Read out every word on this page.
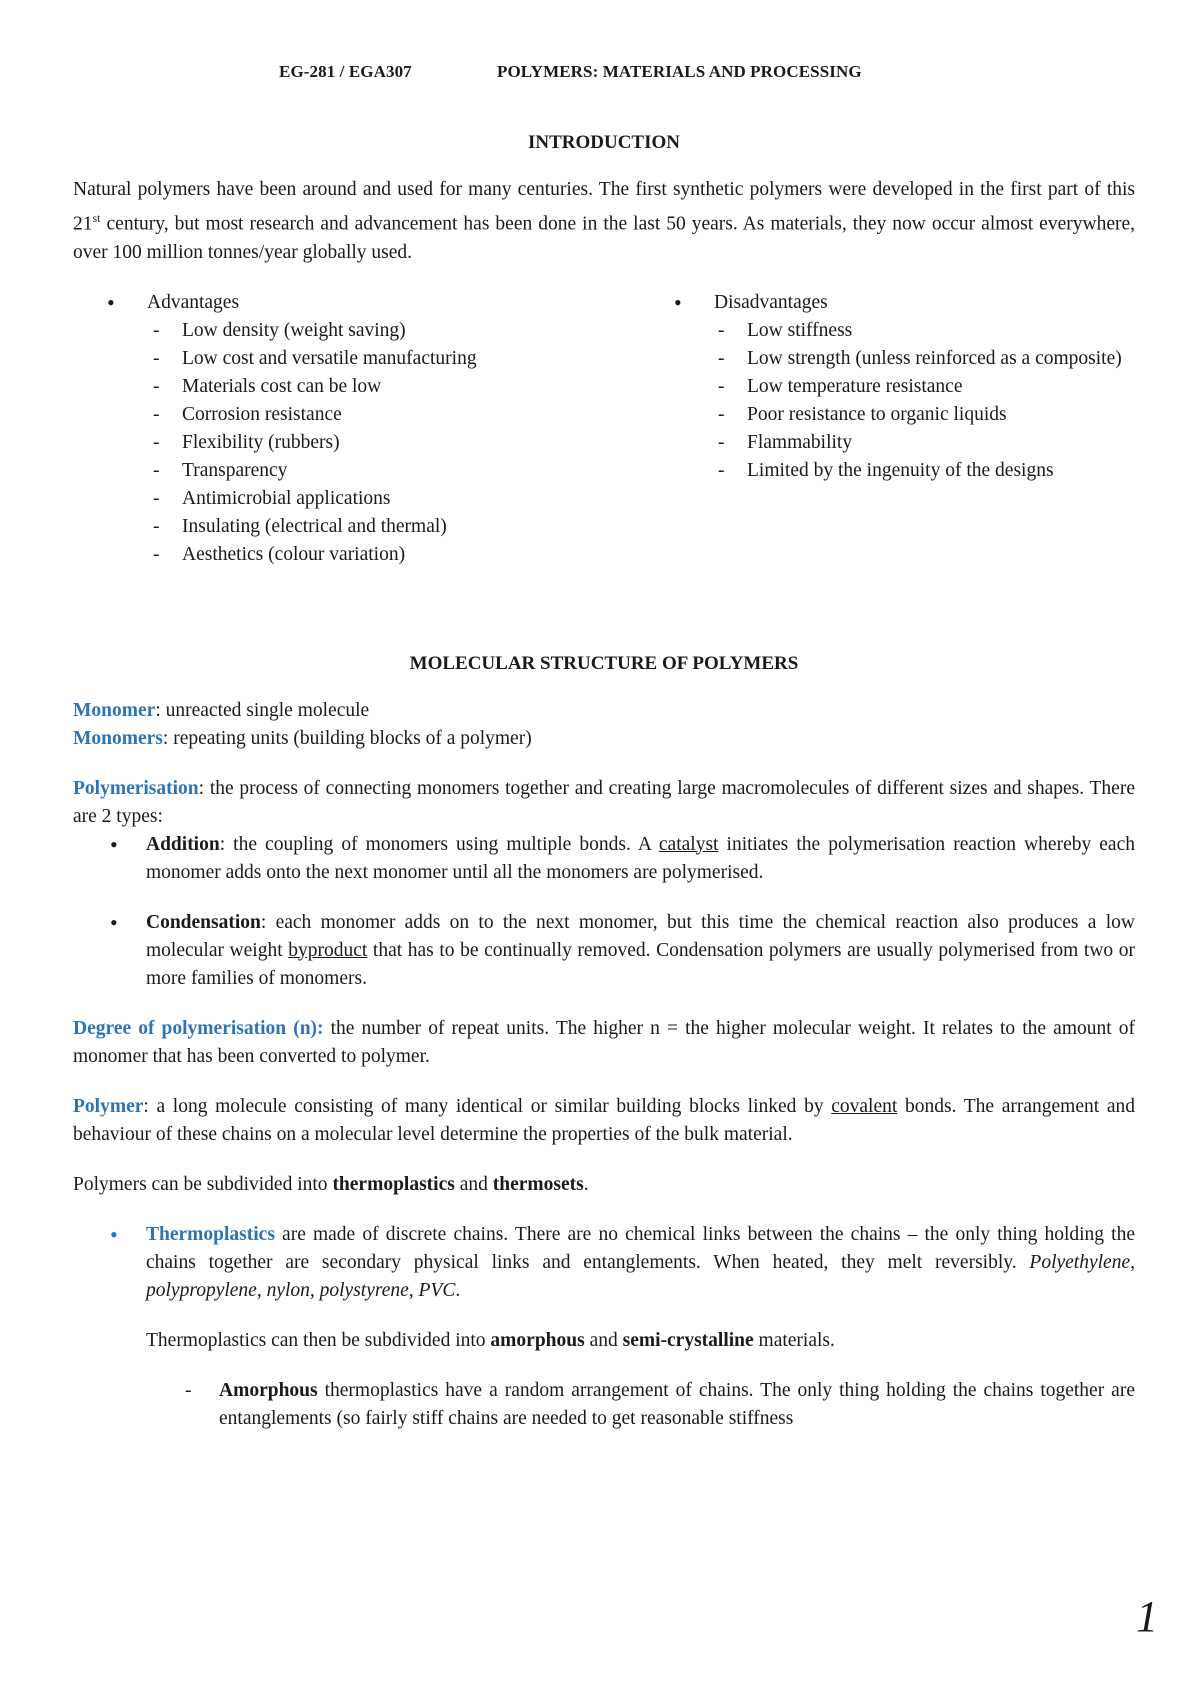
EG-281 / EGA307	POLYMERS: MATERIALS AND PROCESSING
INTRODUCTION

Natural polymers have been around and used for many centuries. The first synthetic polymers were developed in the first part of this 21st century, but most research and advancement has been done in the last 50 years. As materials, they now occur almost everywhere, over 100 million tonnes/year globally used.

• Advantages
- Low density (weight saving)
- Low cost and versatile manufacturing
- Materials cost can be low
- Corrosion resistance
- Flexibility (rubbers)
- Transparency
- Antimicrobial applications
- Insulating (electrical and thermal)
- Aesthetics (colour variation)
• Disadvantages
- Low stiffness
- Low strength (unless reinforced as a composite)
- Low temperature resistance
- Poor resistance to organic liquids
- Flammability
- Limited by the ingenuity of the designs
MOLECULAR STRUCTURE OF POLYMERS

Monomer: unreacted single molecule

Monomers: repeating units (building blocks of a polymer)

Polymerisation: the process of connecting monomers together and creating large macromolecules of different sizes and shapes. There are 2 types:

• Addition: the coupling of monomers using multiple bonds. A catalyst initiates the polymerisation reaction whereby each monomer adds onto the next monomer until all the monomers are polymerised.
• Condensation: each monomer adds on to the next monomer, but this time the chemical reaction also produces a low molecular weight byproduct that has to be continually removed. Condensation polymers are usually polymerised from two or more families of monomers.

Degree of polymerisation (n): the number of repeat units. The higher n = the higher molecular weight. It relates to the amount of monomer that has been converted to polymer.

Polymer: a long molecule consisting of many identical or similar building blocks linked by covalent bonds. The arrangement and behaviour of these chains on a molecular level determine the properties of the bulk material.

Polymers can be subdivided into thermoplastics and thermosets.

• Thermoplastics are made of discrete chains. There are no chemical links between the chains – the only thing holding the chains together are secondary physical links and entanglements. When heated, they melt reversibly. Polyethylene, polypropylene, nylon, polystyrene, PVC.
Thermoplastics can then be subdivided into amorphous and semi-crystalline materials.
- Amorphous thermoplastics have a random arrangement of chains. The only thing holding the chains together are entanglements (so fairly stiff chains are needed to get reasonable stiffness
1
